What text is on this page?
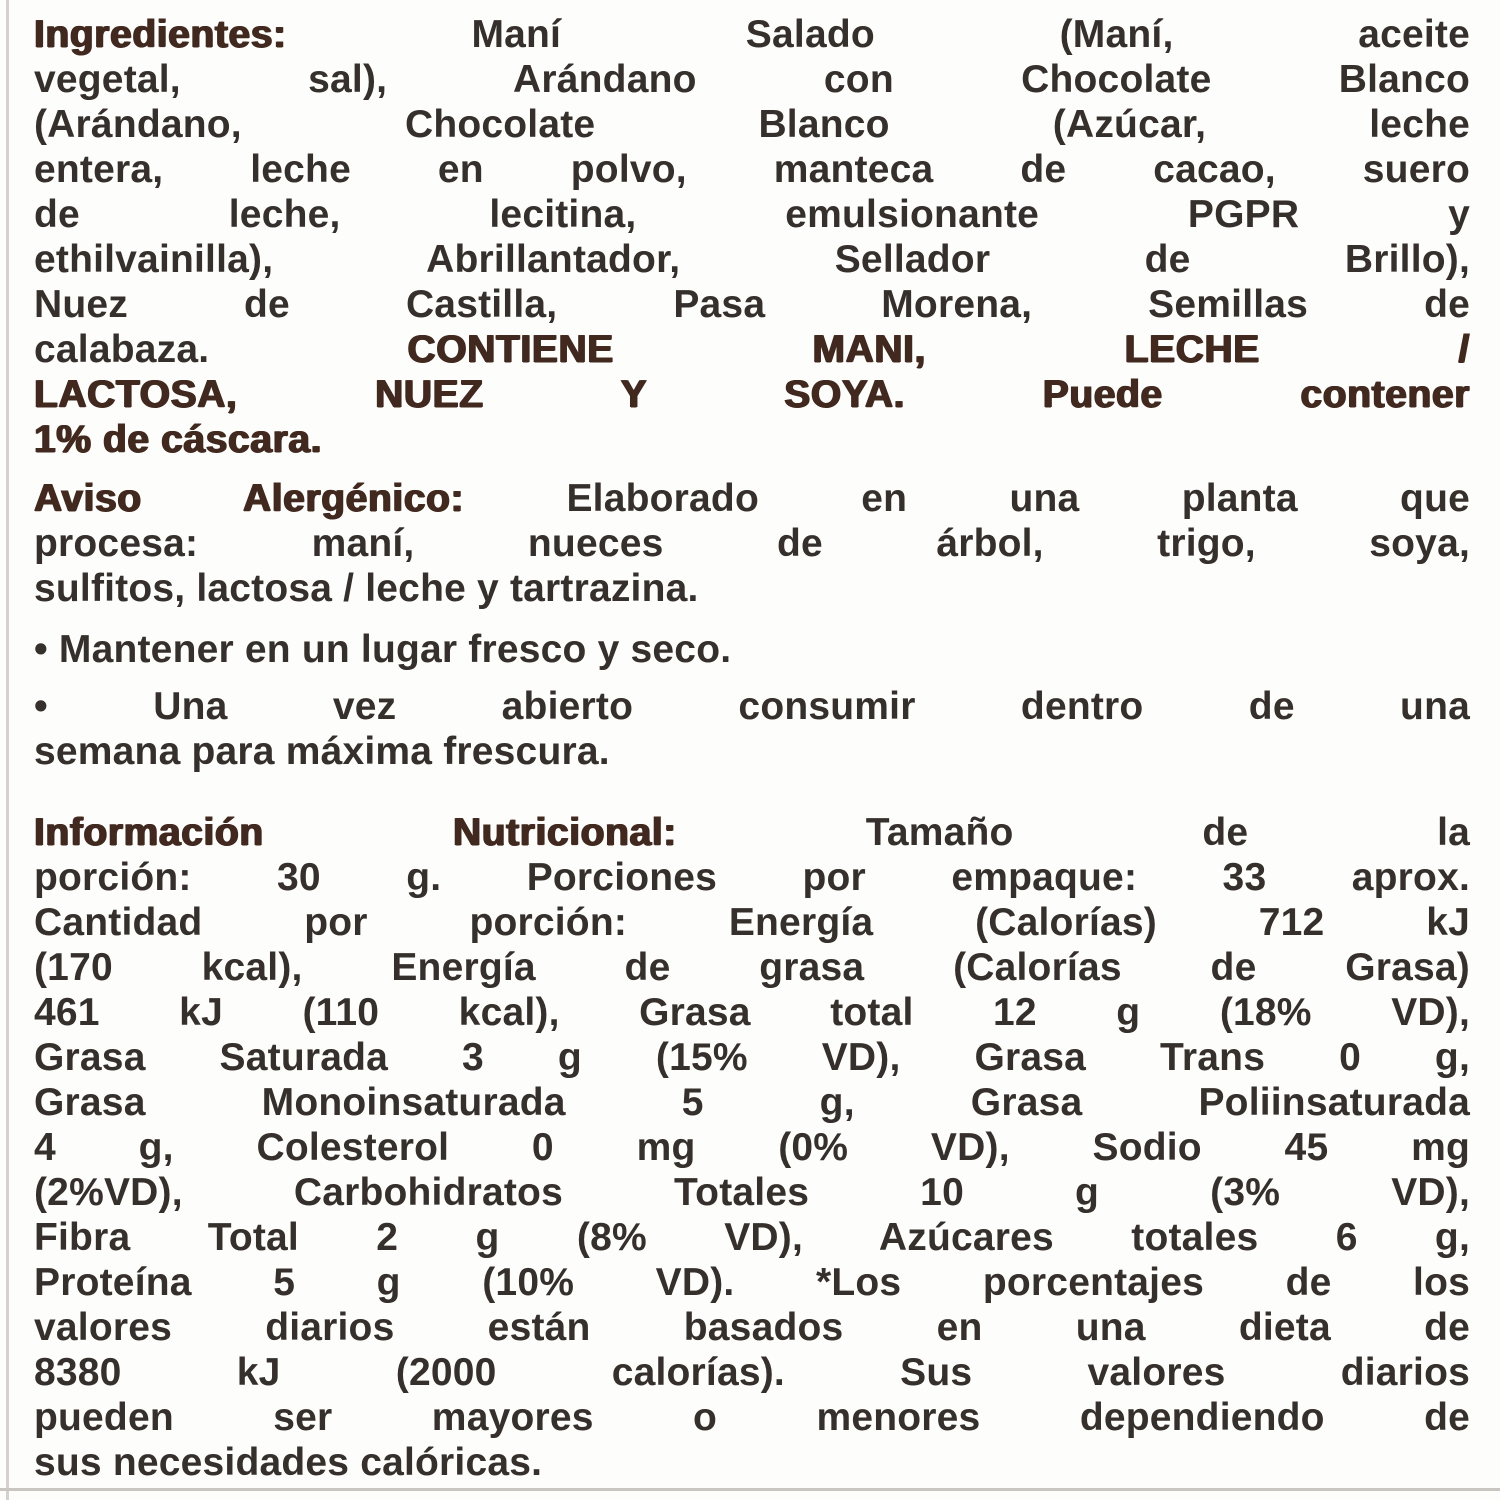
Ingredientes:	Maní Salado (Maní, aceite
vegetal, sal), Arándano con Chocolate Blanco
(Arándano, Chocolate Blanco (Azúcar, leche
entera, leche en polvo, manteca de cacao, suero
de leche, lecitina, emulsionante PGPR y
ethilvainilla), Abrillantador, Sellador de Brillo),
Nuez de Castilla, Pasa Morena, Semillas de
calabaza.	CONTIENE MANI, LECHE /
LACTOSA, NUEZ Y SOYA. Puede contener
1% de cáscara.
Aviso Alergénico:	Elaborado en una planta que
procesa: maní, nueces de árbol, trigo, soya,
sulfitos, lactosa / leche y tartrazina.
• Mantener en un lugar fresco y seco.
• Una vez abierto consumir dentro de una
semana para máxima frescura.
Información Nutricional:	Tamaño de la
porción: 30 g. Porciones por empaque: 33 aprox.
Cantidad por porción: Energía (Calorías) 712 kJ
(170 kcal), Energía de grasa (Calorías de Grasa)
461 kJ (110 kcal), Grasa total 12 g (18% VD),
Grasa Saturada 3 g (15% VD), Grasa Trans 0 g,
Grasa Monoinsaturada 5 g, Grasa Poliinsaturada
4 g, Colesterol 0 mg (0% VD), Sodio 45 mg
(2%VD), Carbohidratos Totales 10 g (3% VD),
Fibra Total 2 g (8% VD), Azúcares totales 6 g,
Proteína 5 g (10% VD). *Los porcentajes de los
valores diarios están basados en una dieta de
8380 kJ (2000 calorías). Sus valores diarios
pueden ser mayores o menores dependiendo de
sus necesidades calóricas.
